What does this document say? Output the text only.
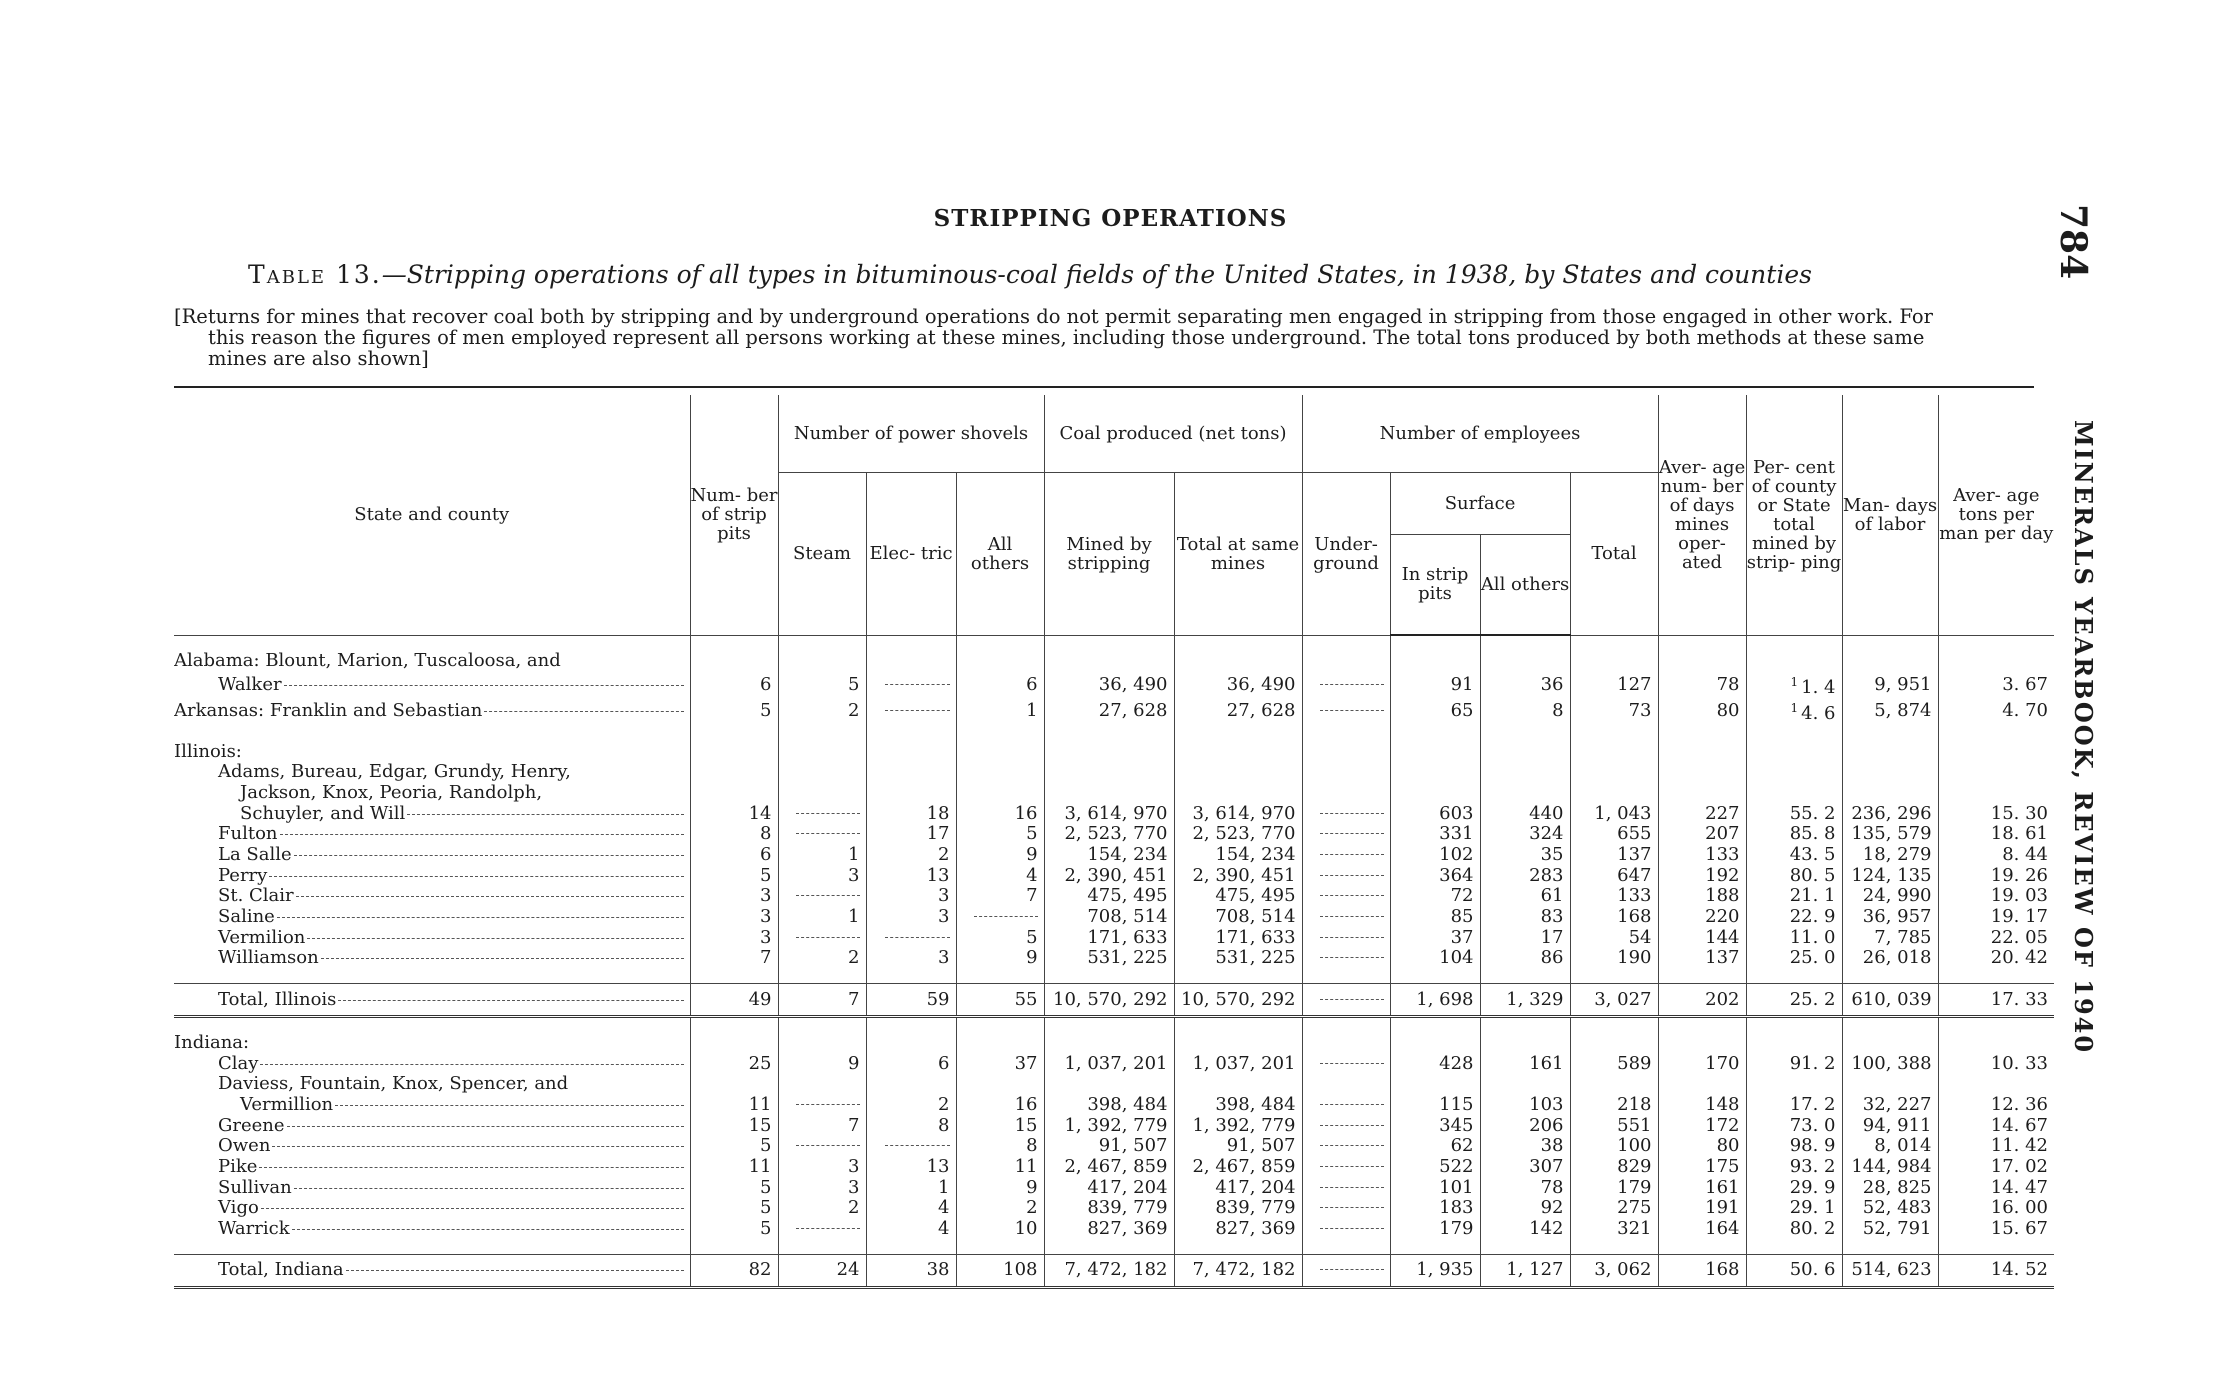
STRIPPING OPERATIONS	784
MINERALS YEARBOOK, REVIEW OF 1940
Table 13.—Stripping operations of all types in bituminous-coal fields of the United States, in 1938, by States and counties
[Returns for mines that recover coal both by stripping and by underground operations do not permit separating men engaged in stripping from those engaged in other work. For
this reason the figures of men employed represent all persons working at these mines, including those underground. The total tons produced by both methods at these same
mines are also shown]
State and county	Num- ber of strip pits	Number of power shovels			Coal produced (net tons)		Number of employees				Aver- age num- ber of days mines oper- ated	Per- cent of county or State total mined by strip- ping	Man- days of labor	Aver- age tons per man per day
		Steam	Elec- tric	All others	Mined by stripping	Total at same mines	Under- ground	Surface		Total				
								In strip pits	All others					

Alabama: Blount, Marion, Tuscaloosa, and														

Walker	6	5		6	36, 490	36, 490		91	36	127	78	$^1$ 1. 4	9, 951	3. 67

Arkansas: Franklin and Sebastian	5	2		1	27, 628	27, 628		65	8	73	80	$^1$ 4. 6	5, 874	4. 70

Illinois:														
Adams, Bureau, Edgar, Grundy, Henry,														
Jackson, Knox, Peoria, Randolph,														

Schuyler, and Will	14		18	16	3, 614, 970	3, 614, 970		603	440	1, 043	227	55. 2	236, 296	15. 30

Fulton	8		17	5	2, 523, 770	2, 523, 770		331	324	655	207	85. 8	135, 579	18. 61

La Salle	6	1	2	9	154, 234	154, 234		102	35	137	133	43. 5	18, 279	8. 44

Perry	5	3	13	4	2, 390, 451	2, 390, 451		364	283	647	192	80. 5	124, 135	19. 26

St. Clair	3		3	7	475, 495	475, 495		72	61	133	188	21. 1	24, 990	19. 03

Saline	3	1	3		708, 514	708, 514		85	83	168	220	22. 9	36, 957	19. 17

Vermilion	3			5	171, 633	171, 633		37	17	54	144	11. 0	7, 785	22. 05

Williamson	7	2	3	9	531, 225	531, 225		104	86	190	137	25. 0	26, 018	20. 42

Total, Illinois	49	7	59	55	10, 570, 292	10, 570, 292		1, 698	1, 329	3, 027	202	25. 2	610, 039	17. 33

Indiana:														

Clay	25	9	6	37	1, 037, 201	1, 037, 201		428	161	589	170	91. 2	100, 388	10. 33
Daviess, Fountain, Knox, Spencer, and														

Vermillion	11		2	16	398, 484	398, 484		115	103	218	148	17. 2	32, 227	12. 36

Greene	15	7	8	15	1, 392, 779	1, 392, 779		345	206	551	172	73. 0	94, 911	14. 67

Owen	5			8	91, 507	91, 507		62	38	100	80	98. 9	8, 014	11. 42

Pike	11	3	13	11	2, 467, 859	2, 467, 859		522	307	829	175	93. 2	144, 984	17. 02

Sullivan	5	3	1	9	417, 204	417, 204		101	78	179	161	29. 9	28, 825	14. 47

Vigo	5	2	4	2	839, 779	839, 779		183	92	275	191	29. 1	52, 483	16. 00

Warrick	5		4	10	827, 369	827, 369		179	142	321	164	80. 2	52, 791	15. 67

Total, Indiana	82	24	38	108	7, 472, 182	7, 472, 182		1, 935	1, 127	3, 062	168	50. 6	514, 623	14. 52
